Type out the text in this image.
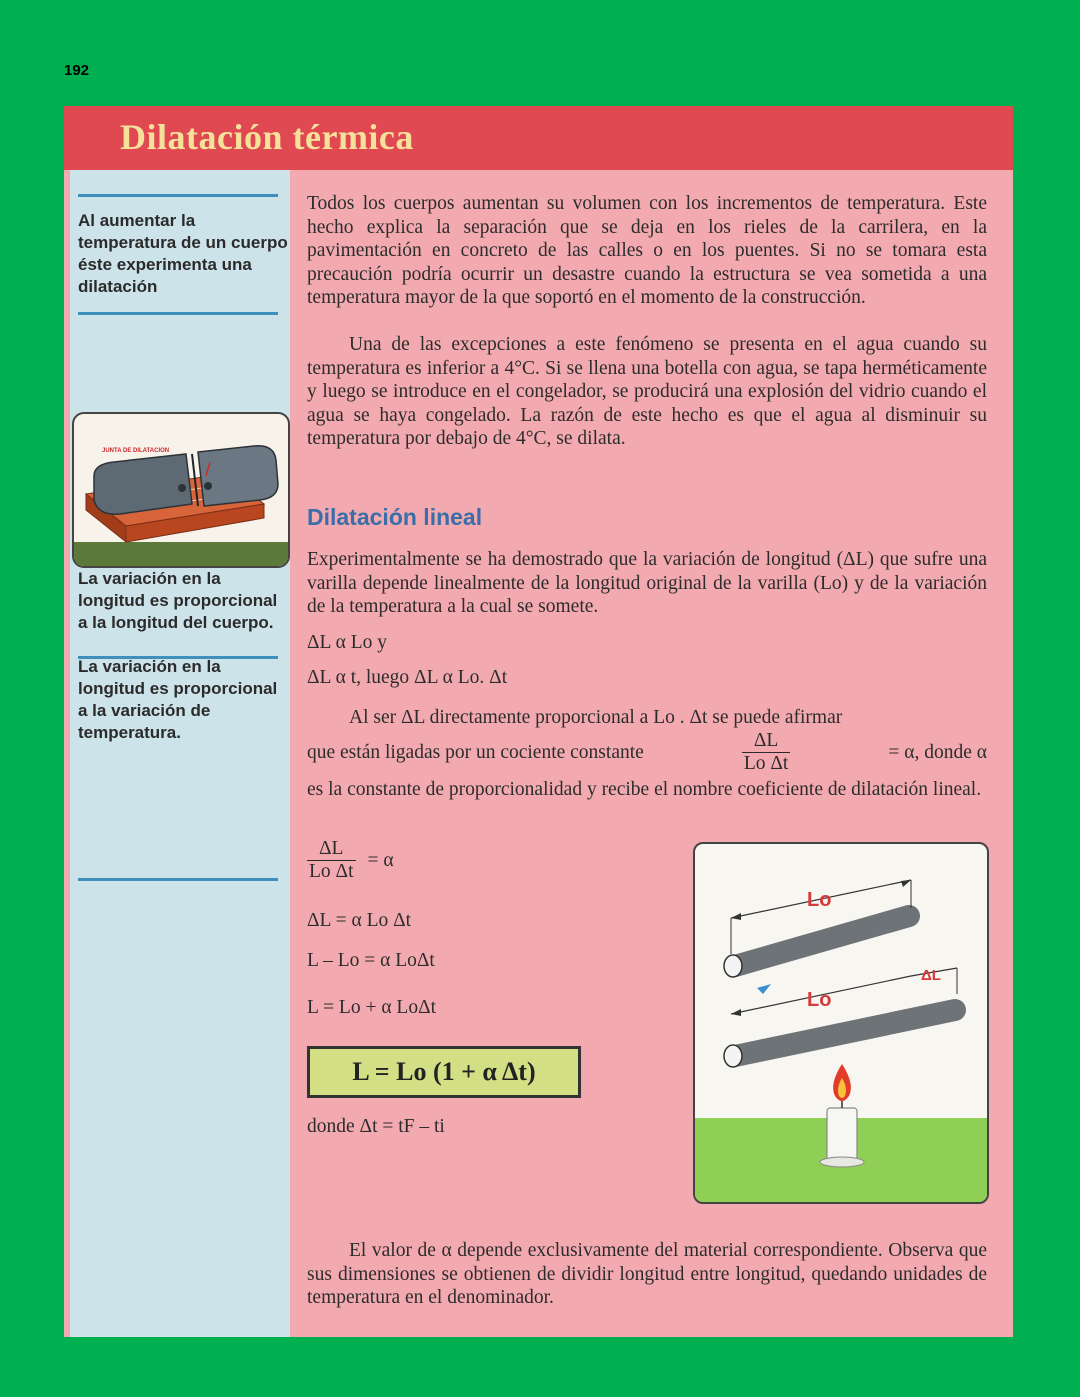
192
Dilatación térmica
Al aumentar la temperatura de un cuerpo éste experimenta una dilatación
JUNTA DE DILATACION
La variación en la longitud es proporcional a la longitud del cuerpo.
La variación en la longitud es proporcional a la variación de temperatura.

Todos los cuerpos aumentan su volumen con los incrementos de temperatura. Este hecho explica la separación que se deja en los rieles de la carrilera, en la pavimentación en concreto de las calles o en los puentes. Si no se tomara esta precaución podría ocurrir un desastre cuando la estructura se vea sometida a una temperatura mayor de la que soportó en el momento de la construcción.

Una de las excepciones a este fenómeno se presenta en el agua cuando su temperatura es inferior a 4°C. Si se llena una botella con agua, se tapa herméticamente y luego se introduce en el congelador, se producirá una explosión del vidrio cuando el agua se haya congelado. La razón de este hecho es que el agua al disminuir su temperatura por debajo de 4°C, se dilata.

Dilatación lineal

Experimentalmente se ha demostrado que la variación de longitud (ΔL) que sufre una varilla depende linealmente de la longitud original de la varilla (Lo) y de la variación de la temperatura a la cual se somete.

ΔL α Lo y
ΔL α t, luego ΔL α Lo. Δt
Al ser ΔL directamente proporcional a Lo . Δt se puede afirmar
que están ligadas por un cociente constante	$\frac{\Delta L}{\text{Lo Δt}}$	= α, donde α

es la constante de proporcionalidad y recibe el nombre coeficiente de dilatación lineal.

$\frac{\Delta L}{\text{Lo Δt}} = \alpha$
ΔL = α Lo Δt
L – Lo = α LoΔt
L = Lo + α LoΔt
L = Lo (1 + α Δt)
donde Δt = tF – ti

El valor de α depende exclusivamente del material correspondiente. Observa que sus dimensiones se obtienen de dividir longitud entre longitud, quedando unidades de temperatura en el denominador.

Lo
Lo
ΔL
